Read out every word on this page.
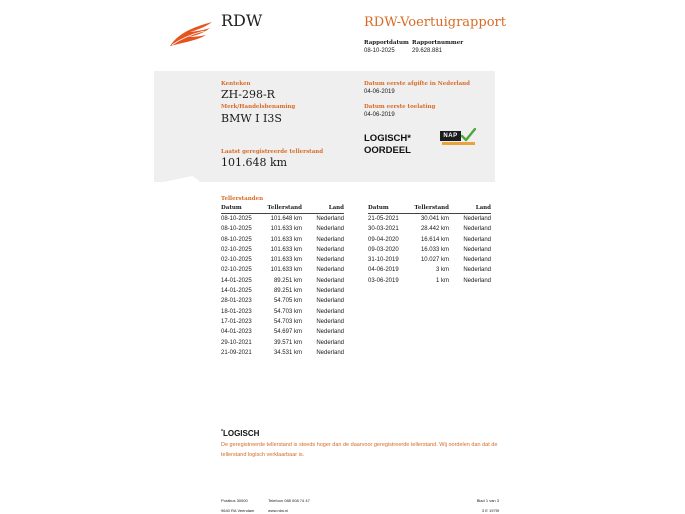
RDW	RDW-Voertuigrapport
Rapportdatum Rapportnummer
08-10-2025	29.628.881
Kenteken
ZH-298-R
Merk/Handelsbenaming
BMW I I3S
Laatst geregistreerde tellerstand
101.648 km
Datum eerste afgifte in Nederland
04-06-2019
Datum eerste toelating
04-06-2019
LOGISCH*
OORDEEL
NAP
Tellerstanden
Datum	Tellerstand	Land
08-10-2025	101.648 km Nederland
08-10-2025	101.633 km Nederland
08-10-2025	101.633 km Nederland
02-10-2025	101.633 km Nederland
02-10-2025	101.633 km Nederland
02-10-2025	101.633 km Nederland
14-01-2025	89.251 km Nederland
14-01-2025	89.251 km Nederland
28-01-2023	54.705 km Nederland
18-01-2023	54.703 km Nederland
17-01-2023	54.703 km Nederland
04-01-2023	54.697 km Nederland
29-10-2021	39.571 km Nederland
21-09-2021	34.531 km Nederland
Datum	Tellerstand	Land
21-05-2021	30.041 km Nederland
30-03-2021	28.442 km Nederland
09-04-2020	16.614 km Nederland
09-03-2020	16.033 km Nederland
31-10-2019	10.027 km Nederland
04-06-2019	3 km Nederland
03-06-2019	1 km Nederland
*LOGISCH
De geregistreerde tellerstand is steeds hoger dan de daarvoor geregistreerde tellerstand. Wij oordelen dan dat de tellerstand logisch verklaarbaar is.
Postbus 30000
9640 RA Veendam
Telefoon 088 008 74 47
www.rdw.nl
Blad 1 van 3
3 E 1975f
